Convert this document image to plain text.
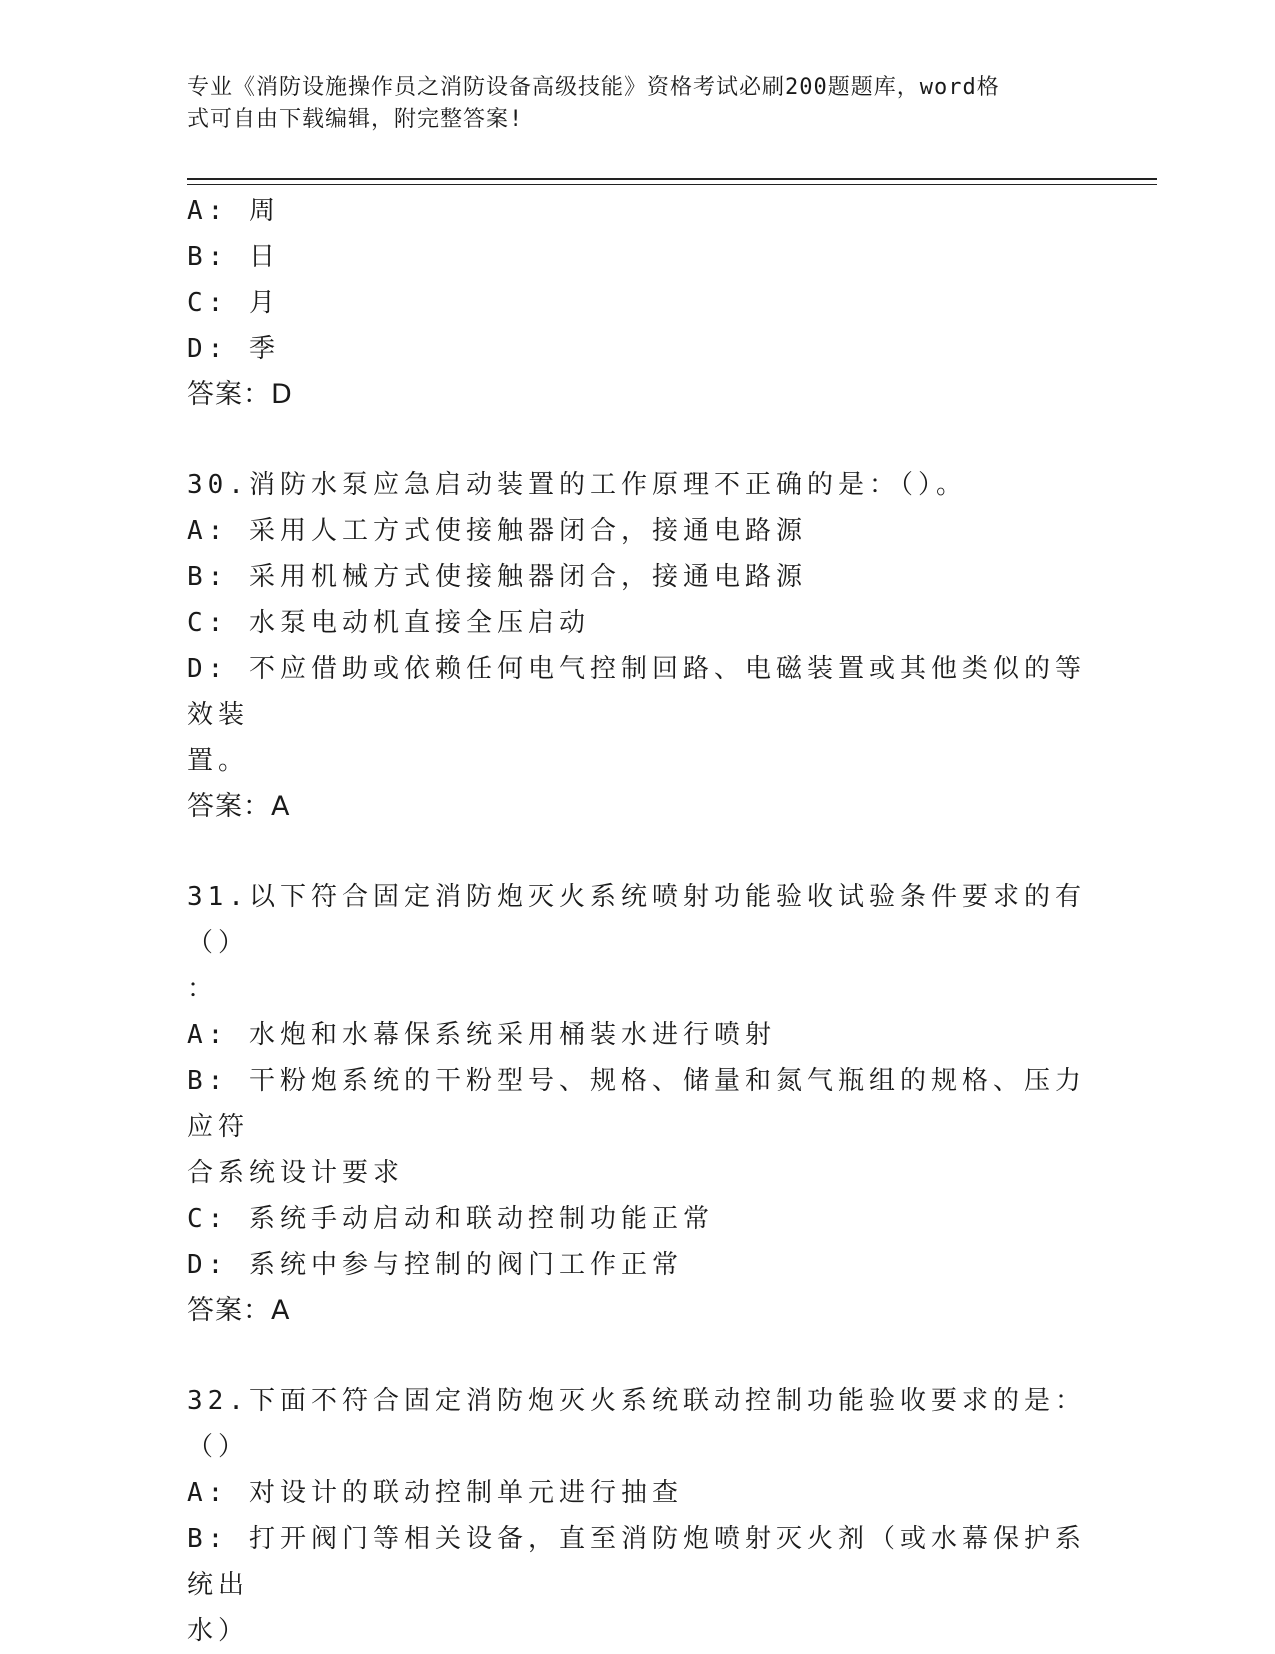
专业《消防设施操作员之消防设备高级技能》资格考试必刷200题题库，word格
式可自由下载编辑，附完整答案!
A: 周
B: 日
C: 月
D: 季
答案：D
30.消防水泵应急启动装置的工作原理不正确的是：（）。
A: 采用人工方式使接触器闭合，接通电路源
B: 采用机械方式使接触器闭合，接通电路源
C: 水泵电动机直接全压启动
D: 不应借助或依赖任何电气控制回路、电磁装置或其他类似的等效装
置。
答案：A
31.以下符合固定消防炮灭火系统喷射功能验收试验条件要求的有（）
：
A: 水炮和水幕保系统采用桶装水进行喷射
B: 干粉炮系统的干粉型号、规格、储量和氮气瓶组的规格、压力应符
合系统设计要求
C: 系统手动启动和联动控制功能正常
D: 系统中参与控制的阀门工作正常
答案：A
32.下面不符合固定消防炮灭火系统联动控制功能验收要求的是：（）
A: 对设计的联动控制单元进行抽查
B: 打开阀门等相关设备，直至消防炮喷射灭火剂（或水幕保护系统出
水）
